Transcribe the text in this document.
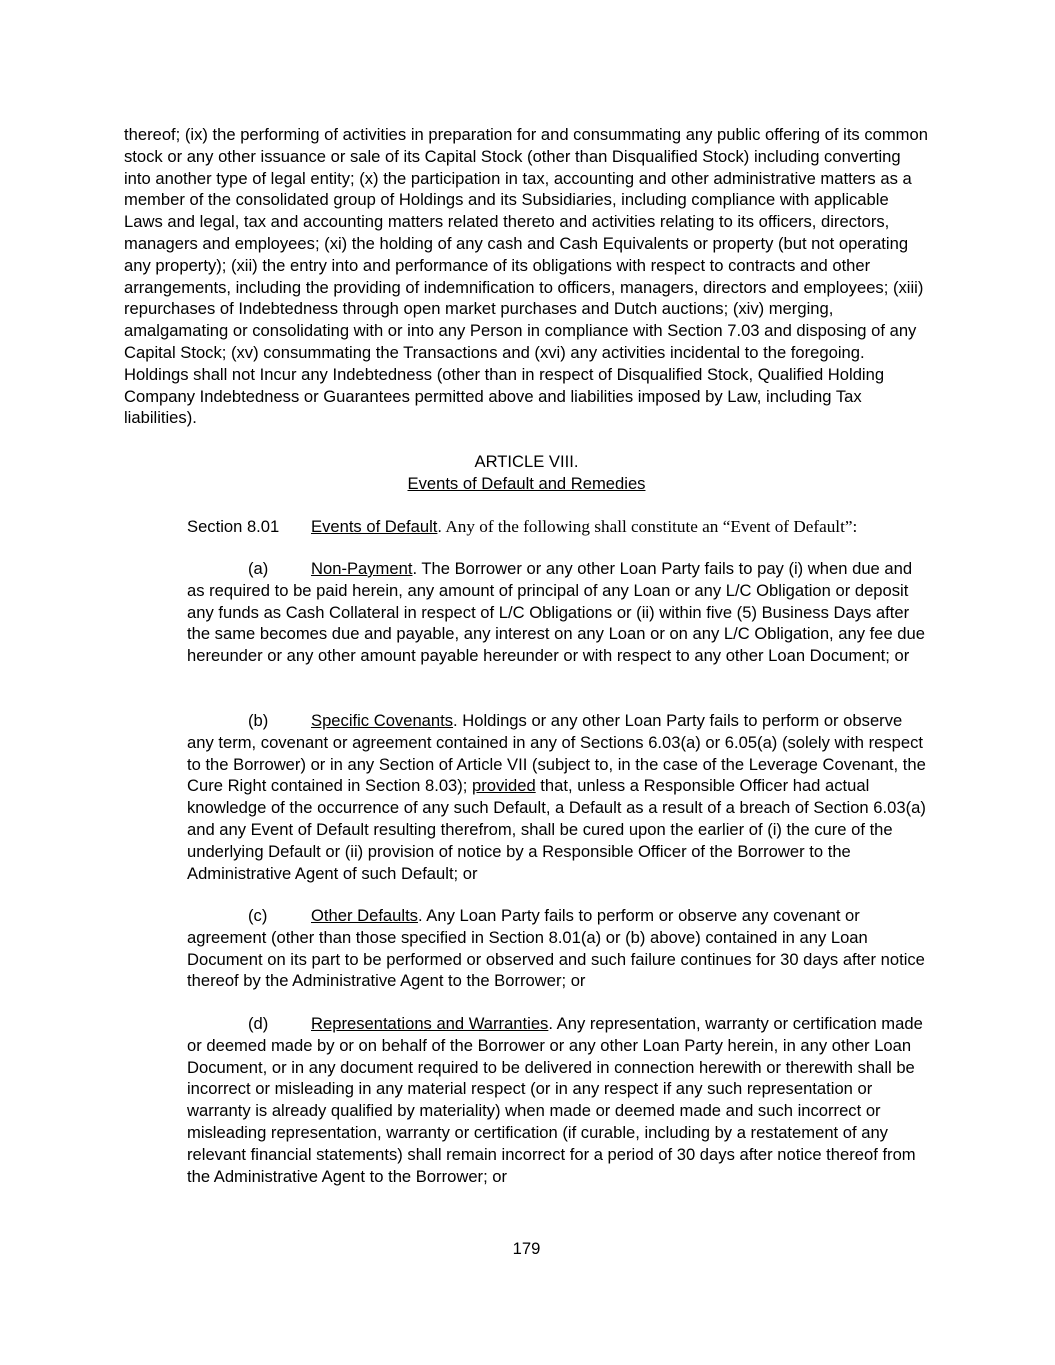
thereof; (ix) the performing of activities in preparation for and consummating any public offering of its common stock or any other issuance or sale of its Capital Stock (other than Disqualified Stock) including converting into another type of legal entity; (x) the participation in tax, accounting and other administrative matters as a member of the consolidated group of Holdings and its Subsidiaries, including compliance with applicable Laws and legal, tax and accounting matters related thereto and activities relating to its officers, directors, managers and employees; (xi) the holding of any cash and Cash Equivalents or property (but not operating any property); (xii) the entry into and performance of its obligations with respect to contracts and other arrangements, including the providing of indemnification to officers, managers, directors and employees; (xiii) repurchases of Indebtedness through open market purchases and Dutch auctions; (xiv) merging, amalgamating or consolidating with or into any Person in compliance with Section 7.03 and disposing of any Capital Stock; (xv) consummating the Transactions and (xvi) any activities incidental to the foregoing. Holdings shall not Incur any Indebtedness (other than in respect of Disqualified Stock, Qualified Holding Company Indebtedness or Guarantees permitted above and liabilities imposed by Law, including Tax liabilities).

ARTICLE VIII.
Events of Default and Remedies
Section 8.01 Events of Default. Any of the following shall constitute an “Event of Default”:

(a)	Non-Payment. The Borrower or any other Loan Party fails to pay (i) when due and as required to be paid herein, any amount of principal of any Loan or any L/C Obligation or deposit any funds as Cash Collateral in respect of L/C Obligations or (ii) within five (5) Business Days after the same becomes due and payable, any interest on any Loan or on any L/C Obligation, any fee due hereunder or any other amount payable hereunder or with respect to any other Loan Document; or

(b)	Specific Covenants. Holdings or any other Loan Party fails to perform or observe any term, covenant or agreement contained in any of Sections 6.03(a) or 6.05(a) (solely with respect to the Borrower) or in any Section of Article VII (subject to, in the case of the Leverage Covenant, the Cure Right contained in Section 8.03); provided that, unless a Responsible Officer had actual knowledge of the occurrence of any such Default, a Default as a result of a breach of Section 6.03(a) and any Event of Default resulting therefrom, shall be cured upon the earlier of (i) the cure of the underlying Default or (ii) provision of notice by a Responsible Officer of the Borrower to the Administrative Agent of such Default; or

(c)	Other Defaults. Any Loan Party fails to perform or observe any covenant or agreement (other than those specified in Section 8.01(a) or (b) above) contained in any Loan Document on its part to be performed or observed and such failure continues for 30 days after notice thereof by the Administrative Agent to the Borrower; or

(d)	Representations and Warranties. Any representation, warranty or certification made or deemed made by or on behalf of the Borrower or any other Loan Party herein, in any other Loan Document, or in any document required to be delivered in connection herewith or therewith shall be incorrect or misleading in any material respect (or in any respect if any such representation or warranty is already qualified by materiality) when made or deemed made and such incorrect or misleading representation, warranty or certification (if curable, including by a restatement of any relevant financial statements) shall remain incorrect for a period of 30 days after notice thereof from the Administrative Agent to the Borrower; or

179
